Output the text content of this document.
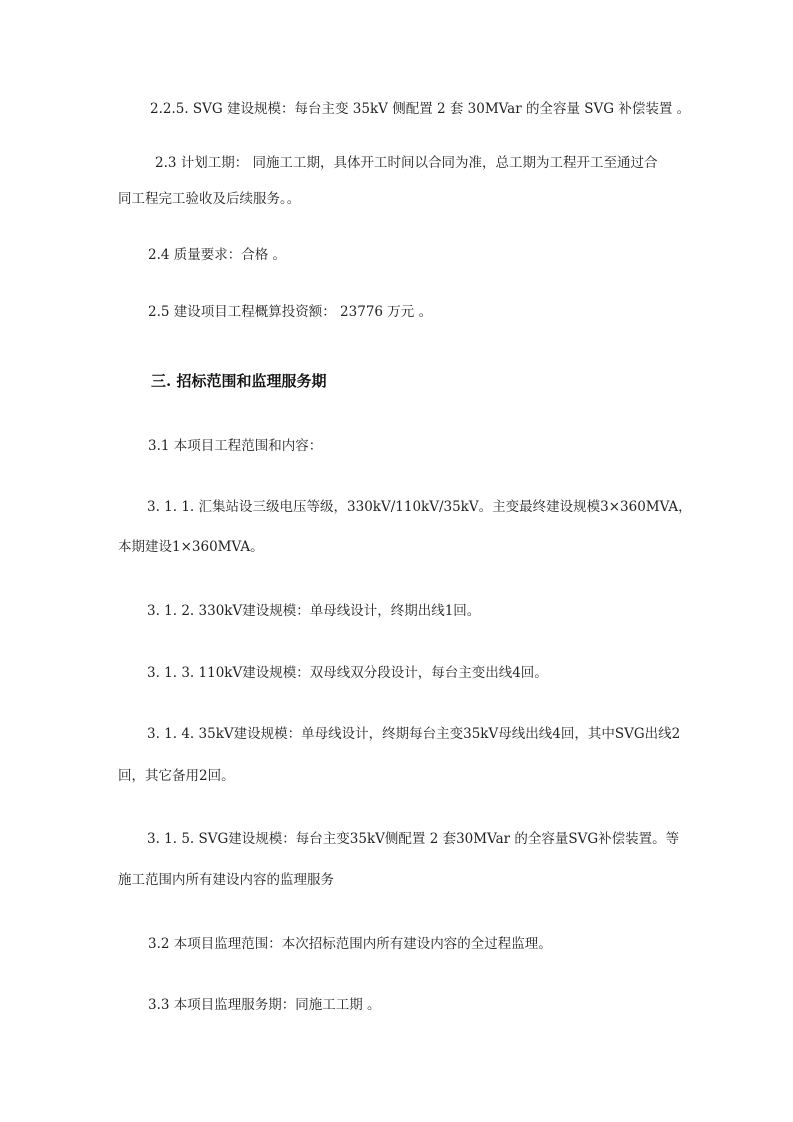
2.2.5. SVG 建设规模：每台主变 35kV 侧配置 2 套 30MVar 的全容量 SVG 补偿装置 。

2.3 计划工期： 同施工工期，具体开工时间以合同为准，总工期为工程开工至通过合

同工程完工验收及后续服务。。

2.4 质量要求：合格 。

2.5 建设项目工程概算投资额： 23776 万元 。

三. 招标范围和监理服务期

3.1 本项目工程范围和内容：

3. 1. 1. 汇集站设三级电压等级，330kV/110kV/35kV。主变最终建设规模3×360MVA，

本期建设1×360MVA。

3. 1. 2. 330kV建设规模：单母线设计，终期出线1回。

3. 1. 3. 110kV建设规模：双母线双分段设计，每台主变出线4回。

3. 1. 4. 35kV建设规模：单母线设计，终期每台主变35kV母线出线4回，其中SVG出线2

回，其它备用2回。

3. 1. 5. SVG建设规模：每台主变35kV侧配置 2 套30MVar 的全容量SVG补偿装置。等

施工范围内所有建设内容的监理服务

3.2 本项目监理范围：本次招标范围内所有建设内容的全过程监理。

3.3 本项目监理服务期：同施工工期 。
